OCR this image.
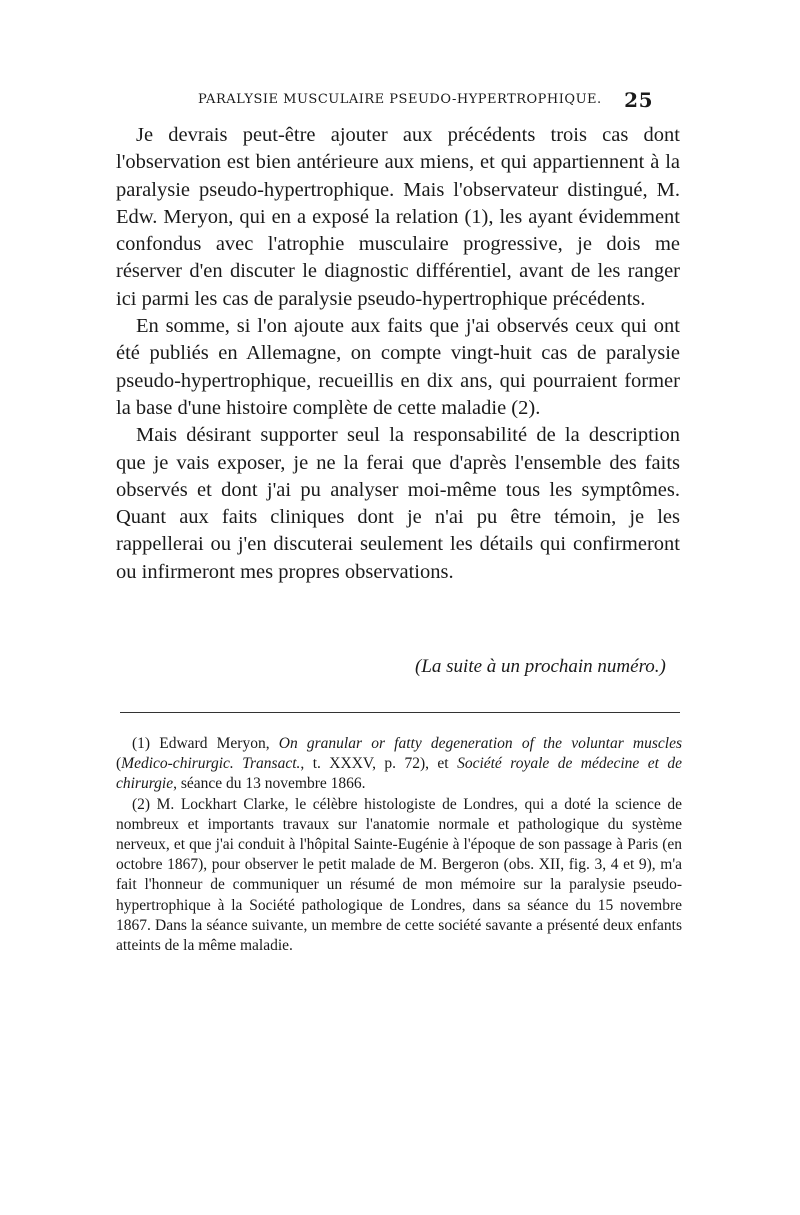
PARALYSIE MUSCULAIRE PSEUDO-HYPERTROPHIQUE. 25

Je devrais peut-être ajouter aux précédents trois cas dont l'observation est bien antérieure aux miens, et qui appartiennent à la paralysie pseudo-hypertrophique. Mais l'observateur distingué, M. Edw. Meryon, qui en a exposé la relation (1), les ayant évidemment confondus avec l'atrophie musculaire progressive, je dois me réserver d'en discuter le diagnostic différentiel, avant de les ranger ici parmi les cas de paralysie pseudo-hypertrophique précédents.

En somme, si l'on ajoute aux faits que j'ai observés ceux qui ont été publiés en Allemagne, on compte vingt-huit cas de paralysie pseudo-hypertrophique, recueillis en dix ans, qui pourraient former la base d'une histoire complète de cette maladie (2).

Mais désirant supporter seul la responsabilité de la description que je vais exposer, je ne la ferai que d'après l'ensemble des faits observés et dont j'ai pu analyser moi-même tous les symptômes. Quant aux faits cliniques dont je n'ai pu être témoin, je les rappellerai ou j'en discuterai seulement les détails qui confirmeront ou infirmeront mes propres observations.

(La suite à un prochain numéro.)

(1) Edward Meryon, On granular or fatty degeneration of the voluntar muscles (Medico-chirurgic. Transact., t. XXXV, p. 72), et Société royale de médecine et de chirurgie, séance du 13 novembre 1866.

(2) M. Lockhart Clarke, le célèbre histologiste de Londres, qui a doté la science de nombreux et importants travaux sur l'anatomie normale et pathologique du système nerveux, et que j'ai conduit à l'hôpital Sainte-Eugénie à l'époque de son passage à Paris (en octobre 1867), pour observer le petit malade de M. Bergeron (obs. XII, fig. 3, 4 et 9), m'a fait l'honneur de communiquer un résumé de mon mémoire sur la paralysie pseudo-hypertrophique à la Société pathologique de Londres, dans sa séance du 15 novembre 1867. Dans la séance suivante, un membre de cette société savante a présenté deux enfants atteints de la même maladie.
